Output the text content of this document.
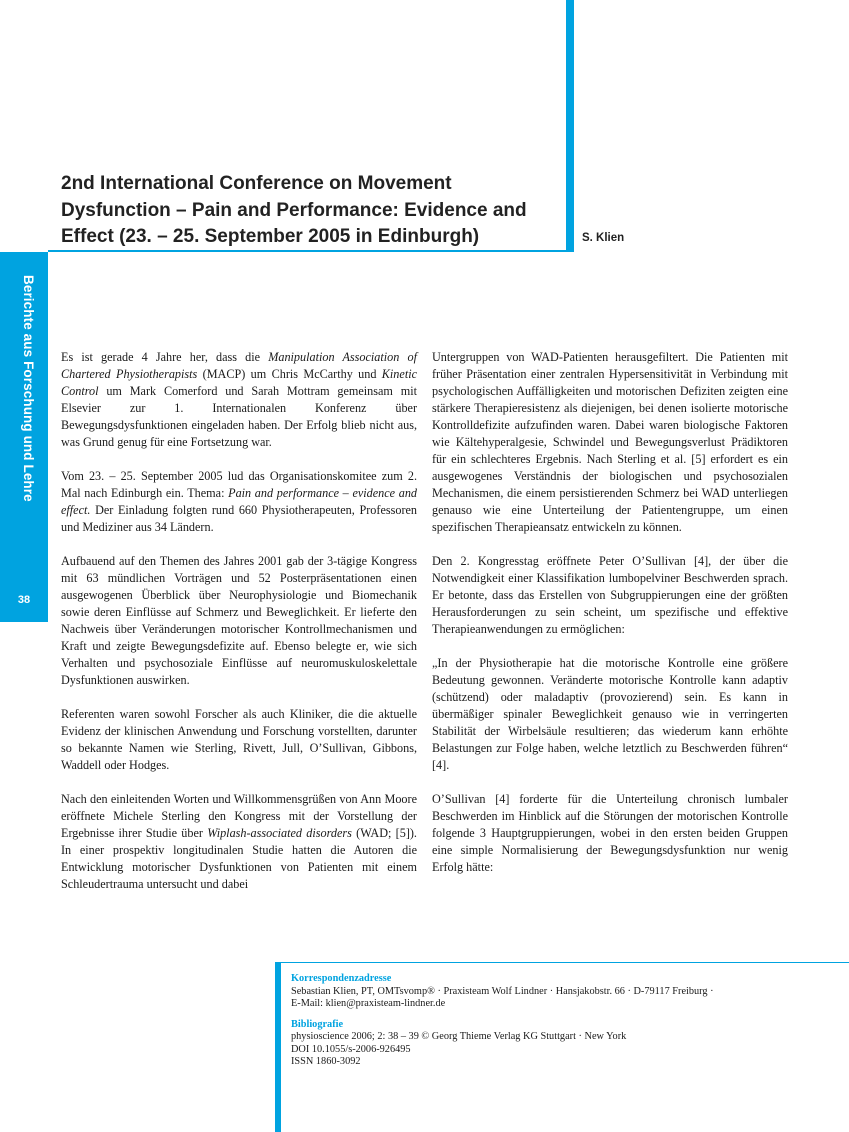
Berichte aus Forschung und Lehre
38
2nd International Conference on Movement
Dysfunction – Pain and Performance: Evidence and
Effect (23. – 25. September 2005 in Edinburgh)	S. Klien

Es ist gerade 4 Jahre her, dass die Manipulation Association of Chartered Physiotherapists (MACP) um Chris McCarthy und Kinetic Control um Mark Comerford und Sarah Mottram gemeinsam mit Elsevier zur 1. Internationalen Konferenz über Bewegungsdysfunktionen eingeladen haben. Der Erfolg blieb nicht aus, was Grund genug für eine Fortsetzung war.

Vom 23. – 25. September 2005 lud das Organisationskomitee zum 2. Mal nach Edinburgh ein. Thema: Pain and performance – evidence and effect. Der Einladung folgten rund 660 Physiotherapeuten, Professoren und Mediziner aus 34 Ländern.

Aufbauend auf den Themen des Jahres 2001 gab der 3-tägige Kongress mit 63 mündlichen Vorträgen und 52 Posterpräsentationen einen ausgewogenen Überblick über Neurophysiologie und Biomechanik sowie deren Einflüsse auf Schmerz und Beweglichkeit. Er lieferte den Nachweis über Veränderungen motorischer Kontrollmechanismen und Kraft und zeigte Bewegungsdefizite auf. Ebenso belegte er, wie sich Verhalten und psychosoziale Einflüsse auf neuromuskuloskelettale Dysfunktionen auswirken.

Referenten waren sowohl Forscher als auch Kliniker, die die aktuelle Evidenz der klinischen Anwendung und Forschung vorstellten, darunter so bekannte Namen wie Sterling, Rivett, Jull, O’Sullivan, Gibbons, Waddell oder Hodges.

Nach den einleitenden Worten und Willkommensgrüßen von Ann Moore eröffnete Michele Sterling den Kongress mit der Vorstellung der Ergebnisse ihrer Studie über Wiplash-associated disorders (WAD; [5]). In einer prospektiv longitudinalen Studie hatten die Autoren die Entwicklung motorischer Dysfunktionen von Patienten mit einem Schleudertrauma untersucht und dabei

Untergruppen von WAD-Patienten herausgefiltert. Die Patienten mit früher Präsentation einer zentralen Hypersensitivität in Verbindung mit psychologischen Auffälligkeiten und motorischen Defiziten zeigten eine stärkere Therapieresistenz als diejenigen, bei denen isolierte motorische Kontrolldefizite aufzufinden waren. Dabei waren biologische Faktoren wie Kältehyperalgesie, Schwindel und Bewegungsverlust Prädiktoren für ein schlechteres Ergebnis. Nach Sterling et al. [5] erfordert es ein ausgewogenes Verständnis der biologischen und psychosozialen Mechanismen, die einem persistierenden Schmerz bei WAD unterliegen genauso wie eine Unterteilung der Patientengruppe, um einen spezifischen Therapieansatz entwickeln zu können.

Den 2. Kongresstag eröffnete Peter O’Sullivan [4], der über die Notwendigkeit einer Klassifikation lumbopelviner Beschwerden sprach. Er betonte, dass das Erstellen von Subgruppierungen eine der größten Herausforderungen zu sein scheint, um spezifische und effektive Therapieanwendungen zu ermöglichen:

„In der Physiotherapie hat die motorische Kontrolle eine größere Bedeutung gewonnen. Veränderte motorische Kontrolle kann adaptiv (schützend) oder maladaptiv (provozierend) sein. Es kann in übermäßiger spinaler Beweglichkeit genauso wie in verringerten Stabilität der Wirbelsäule resultieren; das wiederum kann erhöhte Belastungen zur Folge haben, welche letztlich zu Beschwerden führen“ [4].

O’Sullivan [4] forderte für die Unterteilung chronisch lumbaler Beschwerden im Hinblick auf die Störungen der motorischen Kontrolle folgende 3 Hauptgruppierungen, wobei in den ersten beiden Gruppen eine simple Normalisierung der Bewegungsdysfunktion nur wenig Erfolg hätte:

Korrespondenzadresse
Sebastian Klien, PT, OMTsvomp® · Praxisteam Wolf Lindner · Hansjakobstr. 66 · D-79117 Freiburg ·
E-Mail: klien@praxisteam-lindner.de
Bibliografie
physioscience 2006; 2: 38 – 39 © Georg Thieme Verlag KG Stuttgart · New York
DOI 10.1055/s-2006-926495
ISSN 1860-3092
